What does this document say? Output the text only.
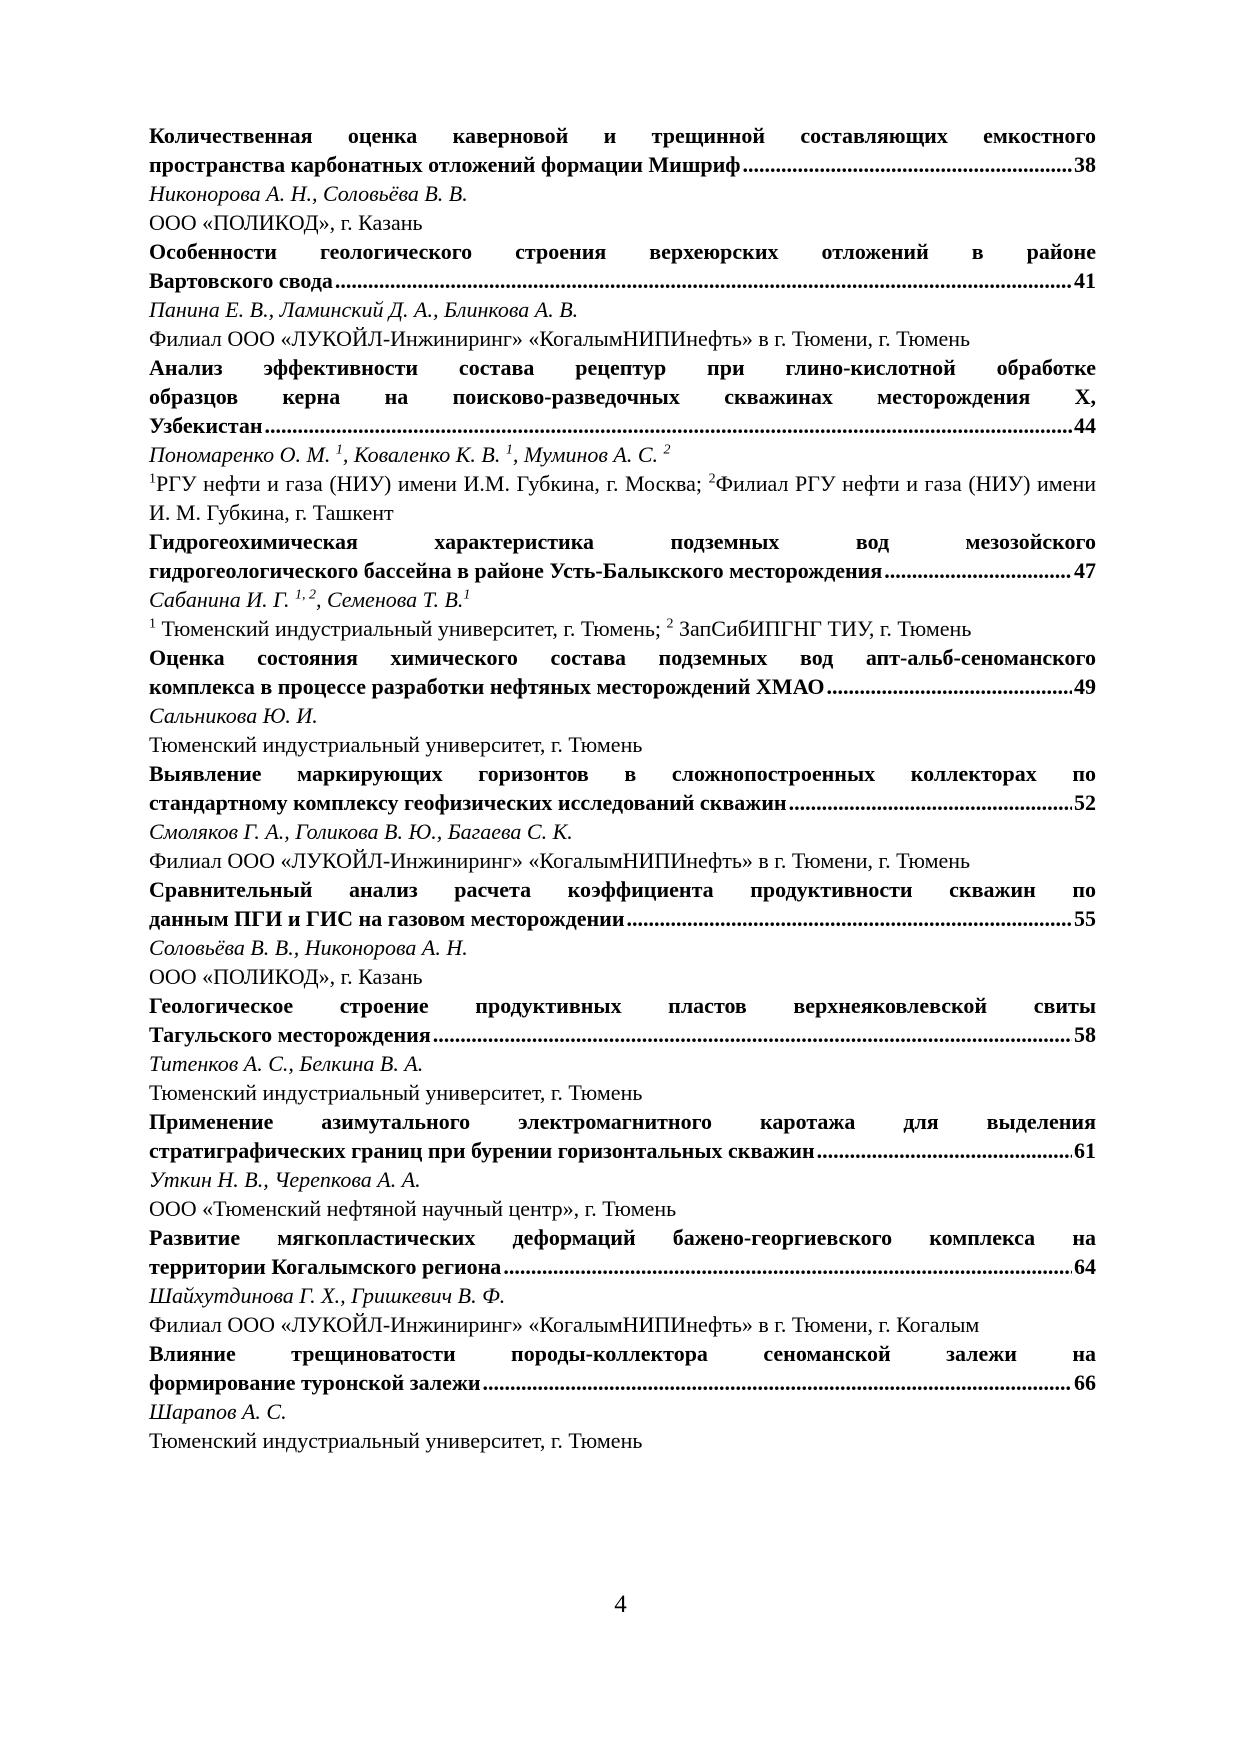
Количественная оценка каверновой и трещинной составляющих емкостного
пространства карбонатных отложений формации Мишриф .....	38
Никонорова А. Н., Соловьёва В. В.
ООО «ПОЛИКОД», г. Казань
Особенности геологического строения верхеюрских отложений в районе
Вартовского свода .....	41
Панина Е. В., Ламинский Д. А., Блинкова А. В.
Филиал ООО «ЛУКОЙЛ-Инжиниринг» «КогалымНИПИнефть» в г. Тюмени, г. Тюмень
Анализ эффективности состава рецептур при глино-кислотной обработке
образцов керна на поисково-разведочных скважинах месторождения Х,
Узбекистан .....	44
Пономаренко О. М. $^1$, Коваленко К. В. $^1$, Муминов А. С. $^2$
$^1$РГУ нефти и газа (НИУ) имени И.М. Губкина, г. Москва; $^2$Филиал РГУ нефти и газа (НИУ) имени И. М. Губкина, г. Ташкент
Гидрогеохимическая характеристика подземных вод мезозойского
гидрогеологического бассейна в районе Усть-Балыкского месторождения .....	47
Сабанина И. Г. $^{1, 2}$, Семенова Т. В.$^1$
$^1$ Тюменский индустриальный университет, г. Тюмень; $^2$ ЗапСибИПГНГ ТИУ, г. Тюмень
Оценка состояния химического состава подземных вод апт-альб-сеноманского
комплекса в процессе разработки нефтяных месторождений ХМАО .....	49
Сальникова Ю. И.
Тюменский индустриальный университет, г. Тюмень
Выявление маркирующих горизонтов в сложнопостроенных коллекторах по
стандартному комплексу геофизических исследований скважин .....	52
Смоляков Г. А., Голикова В. Ю., Багаева С. К.
Филиал ООО «ЛУКОЙЛ-Инжиниринг» «КогалымНИПИнефть» в г. Тюмени, г. Тюмень
Сравнительный анализ расчета коэффициента продуктивности скважин по
данным ПГИ и ГИС на газовом месторождении .....	55
Соловьёва В. В., Никонорова А. Н.
ООО «ПОЛИКОД», г. Казань
Геологическое строение продуктивных пластов верхнеяковлевской свиты
Тагульского месторождения .....	58
Титенков А. С., Белкина В. А.
Тюменский индустриальный университет, г. Тюмень
Применение азимутального электромагнитного каротажа для выделения
стратиграфических границ при бурении горизонтальных скважин .....	61
Уткин Н. В., Черепкова А. А.
ООО «Тюменский нефтяной научный центр», г. Тюмень
Развитие мягкопластических деформаций бажено-георгиевского комплекса на
территории Когалымского региона .....	64
Шайхутдинова Г. Х., Гришкевич В. Ф.
Филиал ООО «ЛУКОЙЛ-Инжиниринг» «КогалымНИПИнефть» в г. Тюмени, г. Когалым
Влияние трещиноватости породы-коллектора сеноманской залежи на
формирование туронской залежи .....	66
Шарапов А. С.
Тюменский индустриальный университет, г. Тюмень
4
